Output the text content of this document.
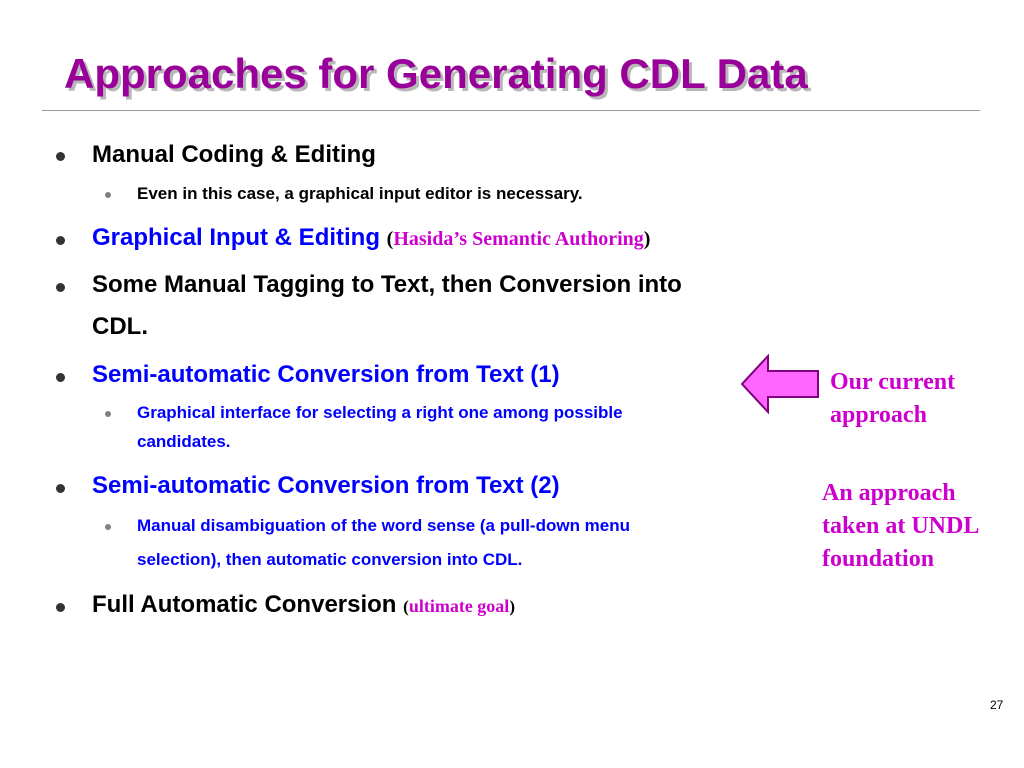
Approaches for Generating CDL Data
Manual Coding & Editing
Even in this case, a graphical input editor is necessary.
Graphical Input & Editing (Hasida’s Semantic Authoring)
Some Manual Tagging to Text, then Conversion into
CDL.
Semi-automatic Conversion from Text (1)
Graphical interface for selecting a right one among possible
candidates.
Semi-automatic Conversion from Text (2)
Manual disambiguation of the word sense (a pull-down menu
selection), then automatic conversion into CDL.
Full Automatic Conversion (ultimate goal)
Our current
approach
An approach
taken at UNDL
foundation
27
